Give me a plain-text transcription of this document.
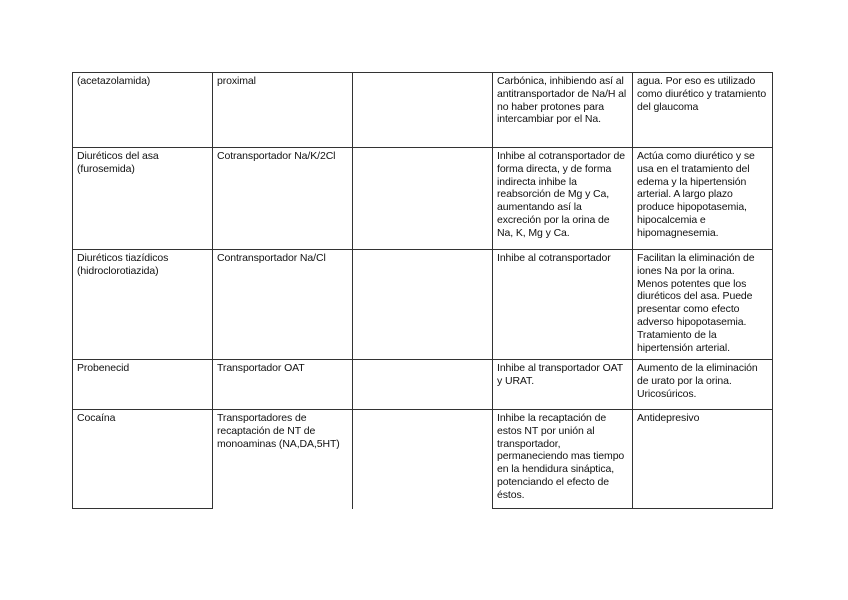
(acetazolamida)	proximal		Carbónica, inhibiendo así al antitransportador de Na/H al no haber protones para intercambiar por el Na.	agua. Por eso es utilizado como diurético y tratamiento del glaucoma
Diuréticos del asa (furosemida)	Cotransportador Na/K/2Cl		Inhibe al cotransportador de forma directa, y de forma indirecta inhibe la reabsorción de Mg y Ca, aumentando así la excreción por la orina de Na, K, Mg y Ca.	Actúa como diurético y se usa en el tratamiento del edema y la hipertensión arterial. A largo plazo produce hipopotasemia, hipocalcemia e hipomagnesemia.
Diuréticos tiazídicos (hidroclorotiazida)	Contransportador Na/Cl		Inhibe al cotransportador	Facilitan la eliminación de iones Na por la orina. Menos potentes que los diuréticos del asa. Puede presentar como efecto adverso hipopotasemia. Tratamiento de la hipertensión arterial.
Probenecid	Transportador OAT		Inhibe al transportador OAT y URAT.	Aumento de la eliminación de urato por la orina. Uricosúricos.
Cocaína	Transportadores de recaptación de NT de monoaminas (NA,DA,5HT)		Inhibe la recaptación de estos NT por unión al transportador, permaneciendo mas tiempo en la hendidura sináptica, potenciando el efecto de éstos.	Antidepresivo
